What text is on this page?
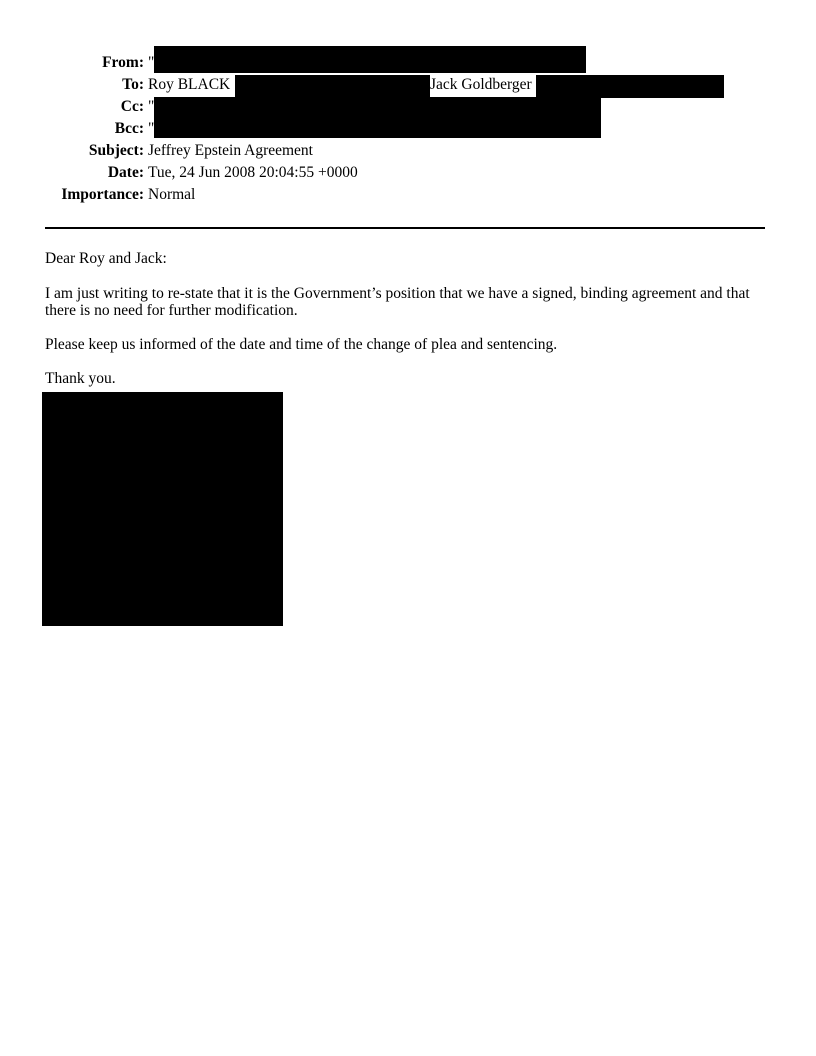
From: "
To: Roy BLACK	Jack Goldberger
Cc: "
Bcc: "
Subject: Jeffrey Epstein Agreement
Date: Tue, 24 Jun 2008 20:04:55 +0000
Importance: Normal
Dear Roy and Jack:
I am just writing to re-state that it is the Government’s position that we have a signed, binding agreement and that there is no need for further modification.
Please keep us informed of the date and time of the change of plea and sentencing.
Thank you.
